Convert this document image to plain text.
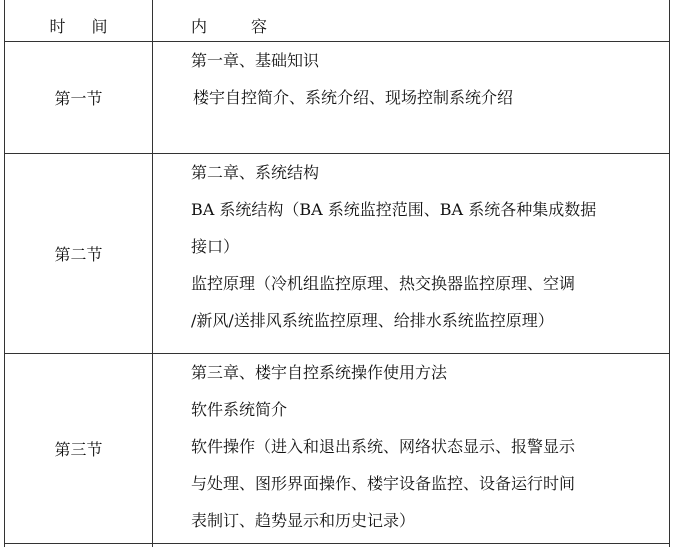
时 间	内 容

第一节	第一章、基础知识
楼宇自控简介、系统介绍、现场控制系统介绍

第二节	第二章、系统结构
BA 系统结构（BA 系统监控范围、BA 系统各种集成数据
接口）
监控原理（冷机组监控原理、热交换器监控原理、空调
/新风/送排风系统监控原理、给排水系统监控原理）

第三节	第三章、楼宇自控系统操作使用方法
软件系统简介
软件操作（进入和退出系统、网络状态显示、报警显示
与处理、图形界面操作、楼宇设备监控、设备运行时间
表制订、趋势显示和历史记录）
